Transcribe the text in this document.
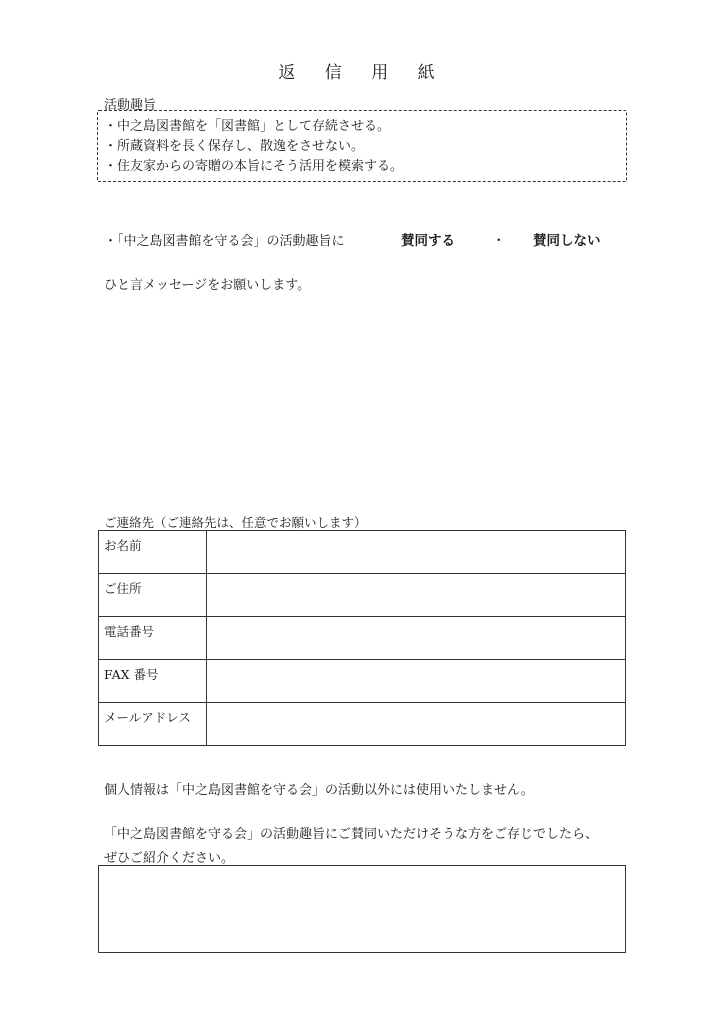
返 信 用 紙
活動趣旨
・中之島図書館を「図書館」として存続させる。
・所蔵資料を長く保存し、散逸をさせない。
・住友家からの寄贈の本旨にそう活用を模索する。
・「中之島図書館を守る会」の活動趣旨に	賛同する	・ 賛同しない
ひと言メッセージをお願いします。
ご連絡先（ご連絡先は、任意でお願いします）
お名前	
ご住所	
電話番号	
FAX 番号	
メールアドレス	
個人情報は「中之島図書館を守る会」の活動以外には使用いたしません。
「中之島図書館を守る会」の活動趣旨にご賛同いただけそうな方をご存じでしたら、
ぜひご紹介ください。
